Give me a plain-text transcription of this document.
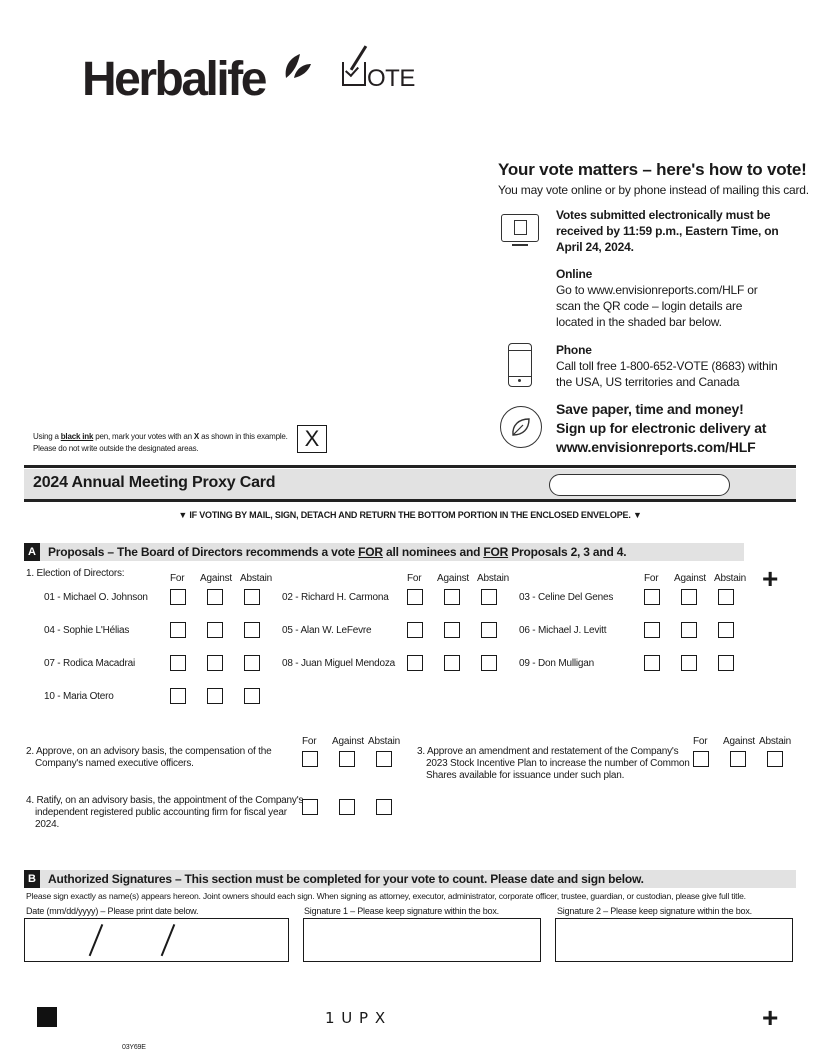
Herbalife	OTE
Your vote matters – here's how to vote!
You may vote online or by phone instead of mailing this card.
Votes submitted electronically must be
received by 11:59 p.m., Eastern Time, on
April 24, 2024.
Online
Go to www.envisionreports.com/HLF or
scan the QR code – login details are
located in the shaded bar below.
Phone
Call toll free 1-800-652-VOTE (8683) within
the USA, US territories and Canada
Save paper, time and money!
Sign up for electronic delivery at
www.envisionreports.com/HLF
Using a black ink pen, mark your votes with an X as shown in this example.
Please do not write outside the designated areas.	X
2024 Annual Meeting Proxy Card
▼ IF VOTING BY MAIL, SIGN, DETACH AND RETURN THE BOTTOM PORTION IN THE ENCLOSED ENVELOPE. ▼
A	Proposals – The Board of Directors recommends a vote FOR all nominees and FOR Proposals 2, 3 and 4.
1. Election of Directors:	For Against Abstain	For Against Abstain	For Against Abstain
01 - Michael O. Johnson	02 - Richard H. Carmona	03 - Celine Del Genes
04 - Sophie L'Hélias	05 - Alan W. LeFevre	06 - Michael J. Levitt
07 - Rodica Macadrai	08 - Juan Miguel Mendoza	09 - Don Mulligan
10 - Maria Otero
+
2. Approve, on an advisory basis, the compensation of the
Company's named executive officers.
3. Approve an amendment and restatement of the Company's
2023 Stock Incentive Plan to increase the number of Common
Shares available for issuance under such plan.
4. Ratify, on an advisory basis, the appointment of the Company's
independent registered public accounting firm for fiscal year
2024.
For Against Abstain	For Against Abstain
B	Authorized Signatures – This section must be completed for your vote to count. Please date and sign below.
Please sign exactly as name(s) appears hereon. Joint owners should each sign. When signing as attorney, executor, administrator, corporate officer, trustee, guardian, or custodian, please give full title.
Date (mm/dd/yyyy) – Please print date below.	Signature 1 – Please keep signature within the box.	Signature 2 – Please keep signature within the box.
1 U P X	+
03Y69E
